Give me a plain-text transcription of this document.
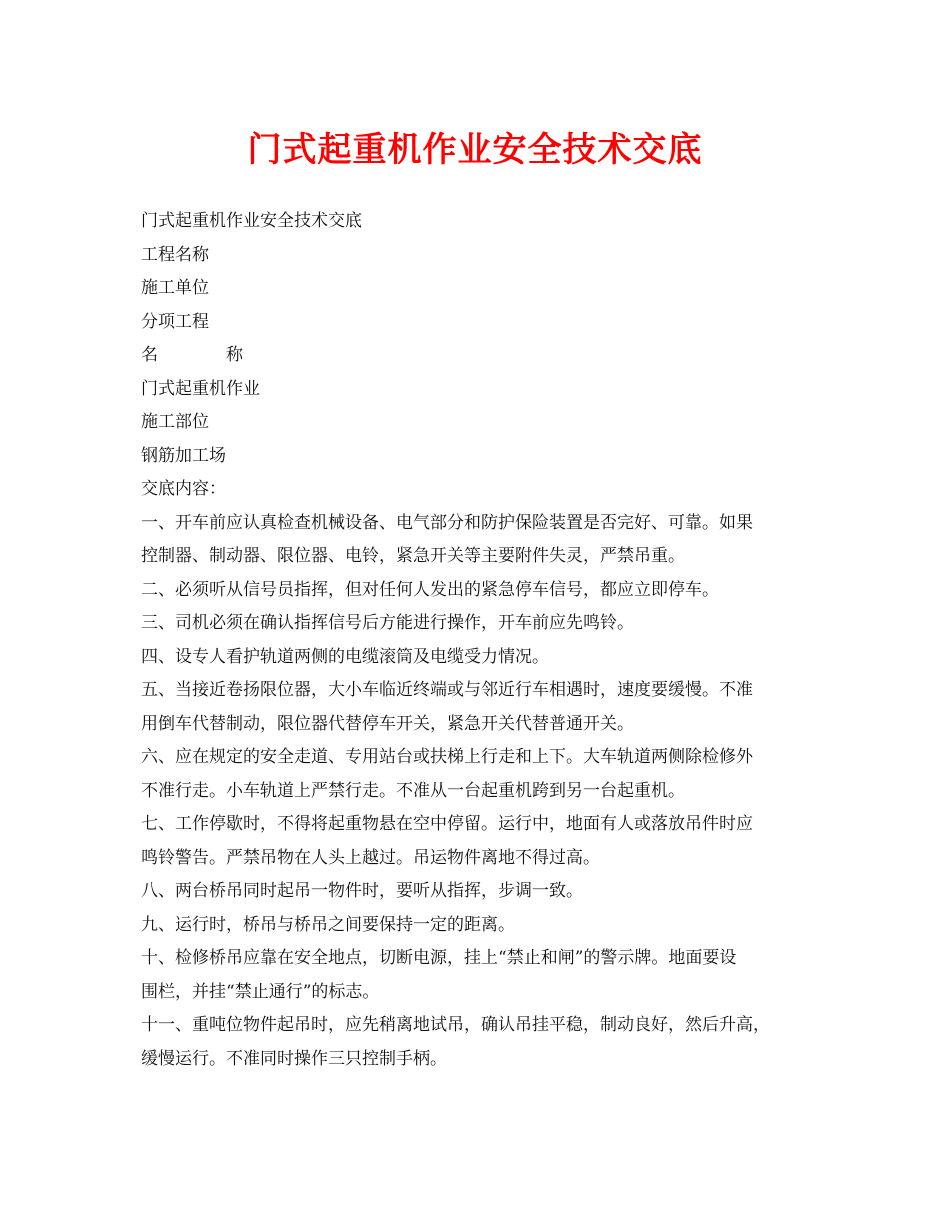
门式起重机作业安全技术交底
门式起重机作业安全技术交底
工程名称
施工单位
分项工程
名	称
门式起重机作业
施工部位
钢筋加工场
交底内容：
一、开车前应认真检查机械设备、电气部分和防护保险装置是否完好、可靠。如果
控制器、制动器、限位器、电铃，紧急开关等主要附件失灵，严禁吊重。
二、必须听从信号员指挥，但对任何人发出的紧急停车信号，都应立即停车。
三、司机必须在确认指挥信号后方能进行操作，开车前应先鸣铃。
四、设专人看护轨道两侧的电缆滚筒及电缆受力情况。
五、当接近卷扬限位器，大小车临近终端或与邻近行车相遇时，速度要缓慢。不准
用倒车代替制动，限位器代替停车开关，紧急开关代替普通开关。
六、应在规定的安全走道、专用站台或扶梯上行走和上下。大车轨道两侧除检修外
不准行走。小车轨道上严禁行走。不准从一台起重机跨到另一台起重机。
七、工作停歇时，不得将起重物悬在空中停留。运行中，地面有人或落放吊件时应
鸣铃警告。严禁吊物在人头上越过。吊运物件离地不得过高。
八、两台桥吊同时起吊一物件时，要听从指挥，步调一致。
九、运行时，桥吊与桥吊之间要保持一定的距离。
十、检修桥吊应靠在安全地点，切断电源，挂上“禁止和闸”的警示牌。地面要设
围栏，并挂“禁止通行”的标志。
十一、重吨位物件起吊时，应先稍离地试吊，确认吊挂平稳，制动良好，然后升高，
缓慢运行。不准同时操作三只控制手柄。
